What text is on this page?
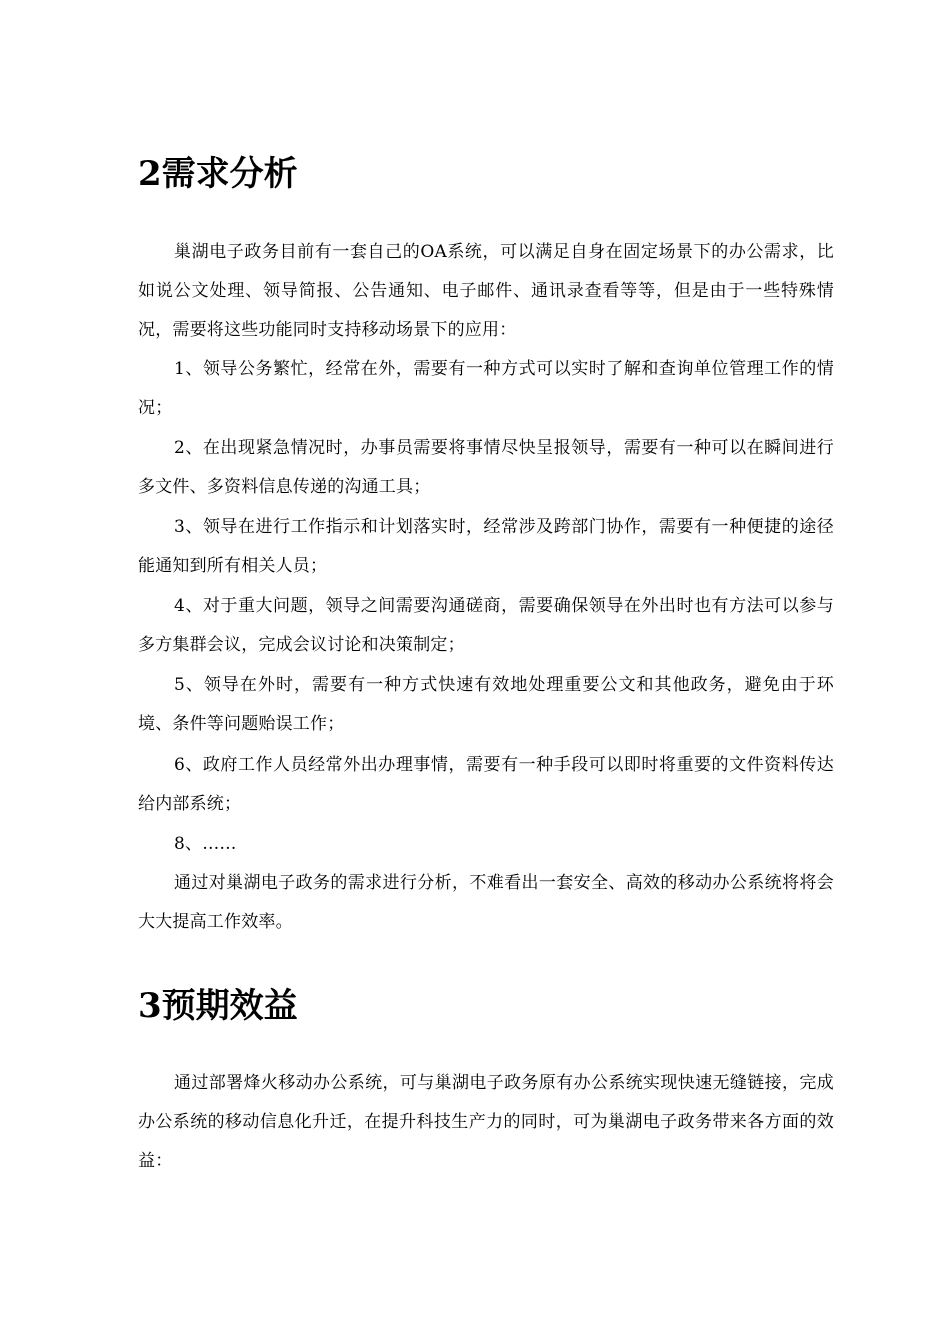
2需求分析

巢湖电子政务目前有一套自己的OA系统，可以满足自身在固定场景下的办公需求，比如说公文处理、领导简报、公告通知、电子邮件、通讯录查看等等，但是由于一些特殊情况，需要将这些功能同时支持移动场景下的应用：

1、领导公务繁忙，经常在外，需要有一种方式可以实时了解和查询单位管理工作的情况；

2、在出现紧急情况时，办事员需要将事情尽快呈报领导，需要有一种可以在瞬间进行多文件、多资料信息传递的沟通工具；

3、领导在进行工作指示和计划落实时，经常涉及跨部门协作，需要有一种便捷的途径能通知到所有相关人员；

4、对于重大问题，领导之间需要沟通磋商，需要确保领导在外出时也有方法可以参与多方集群会议，完成会议讨论和决策制定；

5、领导在外时，需要有一种方式快速有效地处理重要公文和其他政务，避免由于环境、条件等问题贻误工作；

6、政府工作人员经常外出办理事情，需要有一种手段可以即时将重要的文件资料传达给内部系统；

8、……

通过对巢湖电子政务的需求进行分析，不难看出一套安全、高效的移动办公系统将将会大大提高工作效率。

3预期效益

通过部署烽火移动办公系统，可与巢湖电子政务原有办公系统实现快速无缝链接，完成办公系统的移动信息化升迁，在提升科技生产力的同时，可为巢湖电子政务带来各方面的效益：
